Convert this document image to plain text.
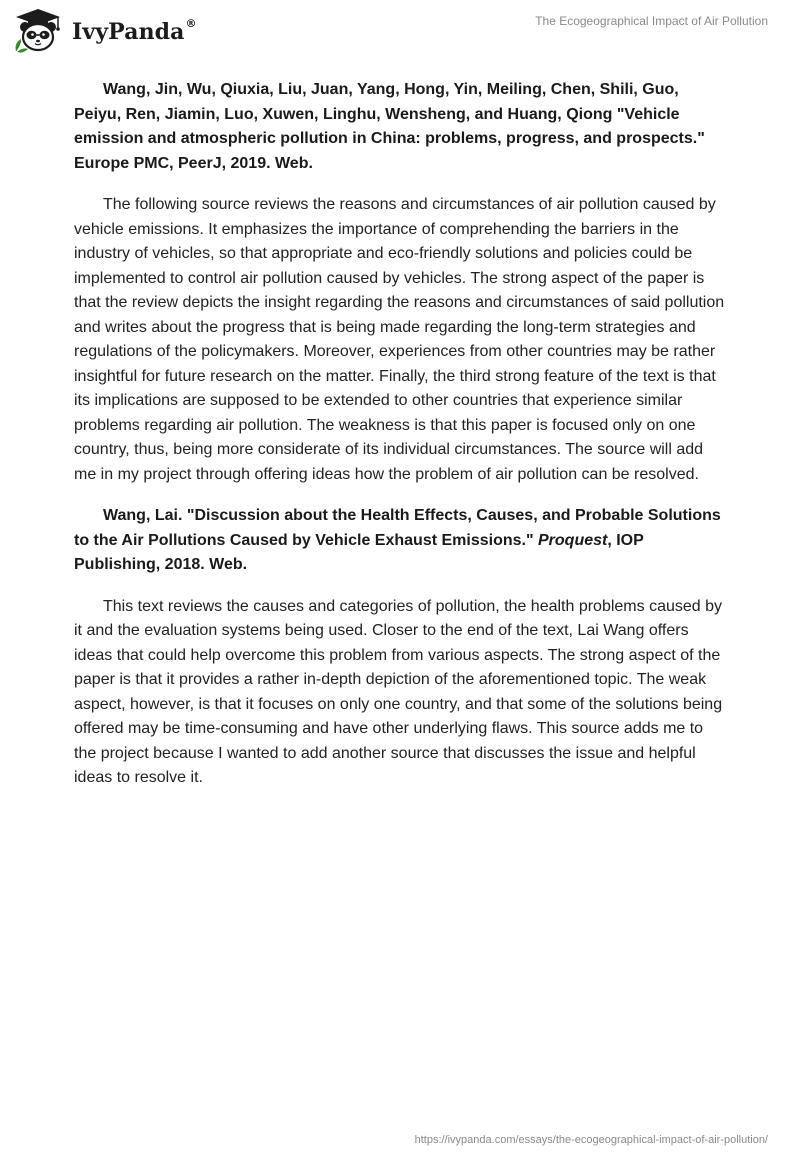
IvyPanda®	The Ecogeographical Impact of Air Pollution

Wang, Jin, Wu, Qiuxia, Liu, Juan, Yang, Hong, Yin, Meiling, Chen, Shili, Guo, Peiyu, Ren, Jiamin, Luo, Xuwen, Linghu, Wensheng, and Huang, Qiong "Vehicle emission and atmospheric pollution in China: problems, progress, and prospects." Europe PMC, PeerJ, 2019. Web.

The following source reviews the reasons and circumstances of air pollution caused by vehicle emissions. It emphasizes the importance of comprehending the barriers in the industry of vehicles, so that appropriate and eco-friendly solutions and policies could be implemented to control air pollution caused by vehicles. The strong aspect of the paper is that the review depicts the insight regarding the reasons and circumstances of said pollution and writes about the progress that is being made regarding the long-term strategies and regulations of the policymakers. Moreover, experiences from other countries may be rather insightful for future research on the matter. Finally, the third strong feature of the text is that its implications are supposed to be extended to other countries that experience similar problems regarding air pollution. The weakness is that this paper is focused only on one country, thus, being more considerate of its individual circumstances. The source will add me in my project through offering ideas how the problem of air pollution can be resolved.

Wang, Lai. "Discussion about the Health Effects, Causes, and Probable Solutions to the Air Pollutions Caused by Vehicle Exhaust Emissions." Proquest, IOP Publishing, 2018. Web.

This text reviews the causes and categories of pollution, the health problems caused by it and the evaluation systems being used. Closer to the end of the text, Lai Wang offers ideas that could help overcome this problem from various aspects. The strong aspect of the paper is that it provides a rather in-depth depiction of the aforementioned topic. The weak aspect, however, is that it focuses on only one country, and that some of the solutions being offered may be time-consuming and have other underlying flaws. This source adds me to the project because I wanted to add another source that discusses the issue and helpful ideas to resolve it.

https://ivypanda.com/essays/the-ecogeographical-impact-of-air-pollution/
